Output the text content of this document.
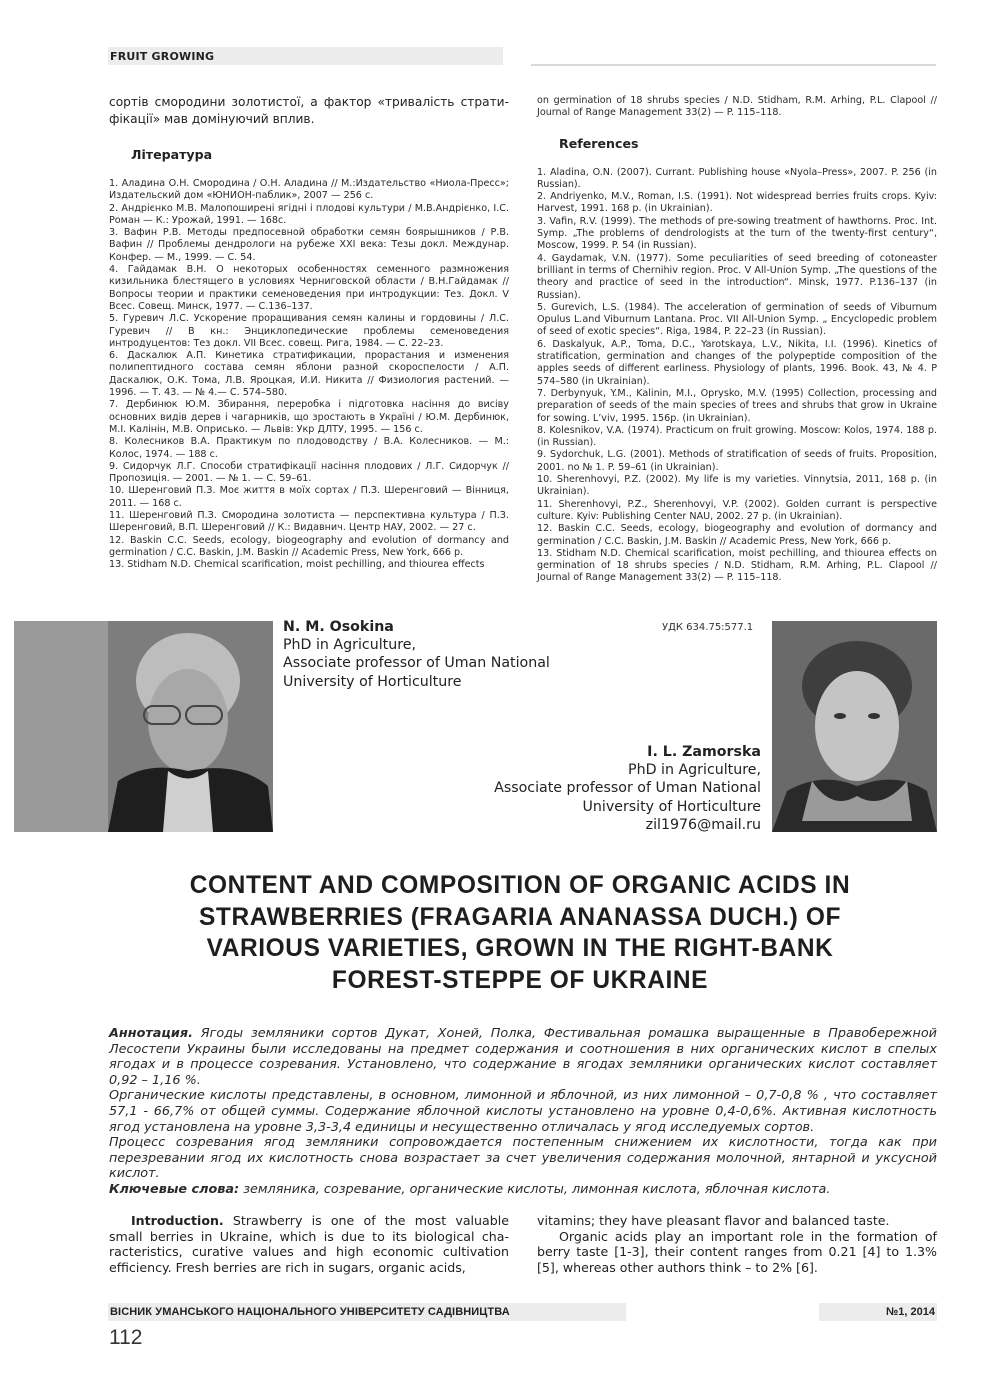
FRUIT GROWING
сортів смородини золотистої, а фактор «тривалість страти-фікації» мав домінуючий вплив.
Література
1. Аладина О.Н. Смородина / О.Н. Аладина // М.:Издательство «Ниола-Пресс»; Издательский дом «ЮНИОН-паблик», 2007 — 256 с.
2. Андрієнко М.В. Малопоширені ягідні і плодові культури / М.В.Андрієнко, І.С. Роман — К.: Урожай, 1991. — 168с.
3. Вафин Р.В. Методы предпосевной обработки семян боярышников / Р.В. Вафин // Проблемы дендрологи на рубеже XXI века: Тезы докл. Междунар. Конфер. — М., 1999. — С. 54.
4. Гайдамак В.Н. О некоторых особенностях семенного размножения кизильника блестящего в условиях Черниговской области / В.Н.Гайдамак // Вопросы теории и практики семеноведения при интродукции: Тез. Докл. V Всес. Совещ. Минск, 1977. — С.136–137.
5. Гуревич Л.С. Ускорение проращивания семян калины и гордовины / Л.С. Гуревич // В кн.: Энциклопедические проблемы семеноведения интродуцентов: Тез докл. VII Всес. совещ. Рига, 1984. — С. 22–23.
6. Даскалюк А.П. Кинетика стратификации, прорастания и изменения полипептидного состава семян яблони разной скороспелости / А.П. Даскалюк, О.К. Тома, Л.В. Яроцкая, И.И. Никита // Физиология растений. — 1996. — Т. 43. — № 4.— С. 574–580.
7. Дербинюк Ю.М. Збирання, переробка і підготовка насіння до висіву основних видів дерев і чагарників, що зростають в Україні / Ю.М. Дербинюк, М.І. Калінін, М.В. Оприсько. — Львів: Укр ДЛТУ, 1995. — 156 с.
8. Колесников В.А. Практикум по плодоводству / В.А. Колесников. — М.: Колос, 1974. — 188 с.
9. Сидорчук Л.Г. Способи стратифікації насіння плодових / Л.Г. Сидорчук // Пропозиція. — 2001. — № 1. — С. 59–61.
10. Шеренговий П.З. Моє життя в моїх сортах / П.З. Шеренговий — Вінниця, 2011. — 168 с.
11. Шеренговий П.З. Смородина золотиста — перспективна культура / П.З. Шеренговий, В.П. Шеренговий // К.: Видавнич. Центр НАУ, 2002. — 27 с.
12. Baskin C.C. Seeds, ecology, biogeography and evolution of dormancy and germination / C.C. Baskin, J.M. Baskin // Academic Press, New York, 666 p.
13. Stidham N.D. Chemical scarification, moist pechilling, and thiourea effects
on germination of 18 shrubs species / N.D. Stidham, R.M. Arhing, P.L. Clapool // Journal of Range Management 33(2) — P. 115–118.
References
1. Aladina, O.N. (2007). Currant. Publishing house «Nyola–Press», 2007. P. 256 (in Russian).
2. Andriyenko, M.V., Roman, I.S. (1991). Not widespread berries fruits crops. Kyiv: Harvest, 1991. 168 p. (in Ukrainian).
3. Vafin, R.V. (1999). The methods of pre-sowing treatment of hawthorns. Proc. Int. Symp. „The problems of dendrologists at the turn of the twenty-first century“, Moscow, 1999. P. 54 (in Russian).
4. Gaydamak, V.N. (1977). Some peculiarities of seed breeding of cotoneaster brilliant in terms of Chernihiv region. Proc. V All-Union Symp. „The questions of the theory and practice of seed in the introduction“. Minsk, 1977. P.136–137 (in Russian).
5. Gurevich, L.S. (1984). The acceleration of germination of seeds of Viburnum Opulus L.and Viburnum Lantana. Proc. VII All-Union Symp. „ Encyclopedic problem of seed of exotic species“. Riga, 1984, P. 22–23 (in Russian).
6. Daskalyuk, A.P., Toma, D.C., Yarotskaya, L.V., Nikita, I.I. (1996). Kinetics of stratification, germination and changes of the polypeptide composition of the apples seeds of different earliness. Physiology of plants, 1996. Book. 43, № 4. P 574–580 (in Ukrainian).
7. Derbynyuk, Y.M., Kalinin, M.I., Oprysko, M.V. (1995) Collection, processing and preparation of seeds of the main species of trees and shrubs that grow in Ukraine for sowing. L’viv, 1995. 156p. (in Ukrainian).
8. Kolesnikov, V.A. (1974). Practicum on fruit growing. Moscow: Kolos, 1974. 188 p. (in Russian).
9. Sydorchuk, L.G. (2001). Methods of stratification of seeds of fruits. Proposition, 2001. no № 1. P. 59–61 (in Ukrainian).
10. Sherenhovyi, P.Z. (2002). My life is my varieties. Vinnytsia, 2011, 168 p. (in Ukrainian).
11. Sherenhovyi, P.Z., Sherenhovyi, V.P. (2002). Golden currant is perspective culture. Kyiv: Publishing Center NAU, 2002. 27 p. (in Ukrainian).
12. Baskin C.C. Seeds, ecology, biogeography and evolution of dormancy and germination / C.C. Baskin, J.M. Baskin // Academic Press, New York, 666 p.
13. Stidham N.D. Chemical scarification, moist pechilling, and thiourea effects on germination of 18 shrubs species / N.D. Stidham, R.M. Arhing, P.L. Clapool // Journal of Range Management 33(2) — P. 115–118.
N. M. Osokina
PhD in Agriculture,
Associate professor of Uman National
University of Horticulture
УДК 634.75:577.1
I. L. Zamorska
PhD in Agriculture,
Associate professor of Uman National
University of Horticulture
zil1976@mail.ru
CONTENT AND COMPOSITION OF ORGANIC ACIDS IN
STRAWBERRIES (FRAGARIA ANANASSA DUCH.) OF
VARIOUS VARIETIES, GROWN IN THE RIGHT-BANK
FOREST-STEPPE OF UKRAINE

Аннотация. Ягоды земляники сортов Дукат, Хоней, Полка, Фестивальная ромашка выращенные в Правобережной Лесостепи Украины были исследованы на предмет содержания и соотношения в них органических кислот в спелых ягодах и в процессе созревания. Установлено, что содержание в ягодах земляники органических кислот составляет 0,92 – 1,16 %.

Органические кислоты представлены, в основном, лимонной и яблочной, из них лимонной – 0,7-0,8 % , что составляет 57,1 - 66,7% от общей суммы. Содержание яблочной кислоты установлено на уровне 0,4-0,6%. Активная кислотность ягод установлена на уровне 3,3-3,4 единицы и несущественно отличалась у ягод исследуемых сортов.

Процесс созревания ягод земляники сопровождается постепенным снижением их кислотности, тогда как при перезревании ягод их кислотность снова возрастает за счет увеличения содержания молочной, янтарной и уксусной кислот.

Ключевые слова: земляника, созревание, органические кислоты, лимонная кислота, яблочная кислота.

Introduction. Strawberry is one of the most valuable small berries in Ukraine, which is due to its biological cha-racteristics, curative values and high economic cultivation efficiency. Fresh berries are rich in sugars, organic acids,

vitamins; they have pleasant flavor and balanced taste.

Organic acids play an important role in the formation of berry taste [1-3], their content ranges from 0.21 [4] to 1.3% [5], whereas other authors think – to 2% [6].

ВІСНИК УМАНСЬКОГО НАЦІОНАЛЬНОГО УНІВЕРСИТЕТУ САДІВНИЦТВА	№1, 2014
112
